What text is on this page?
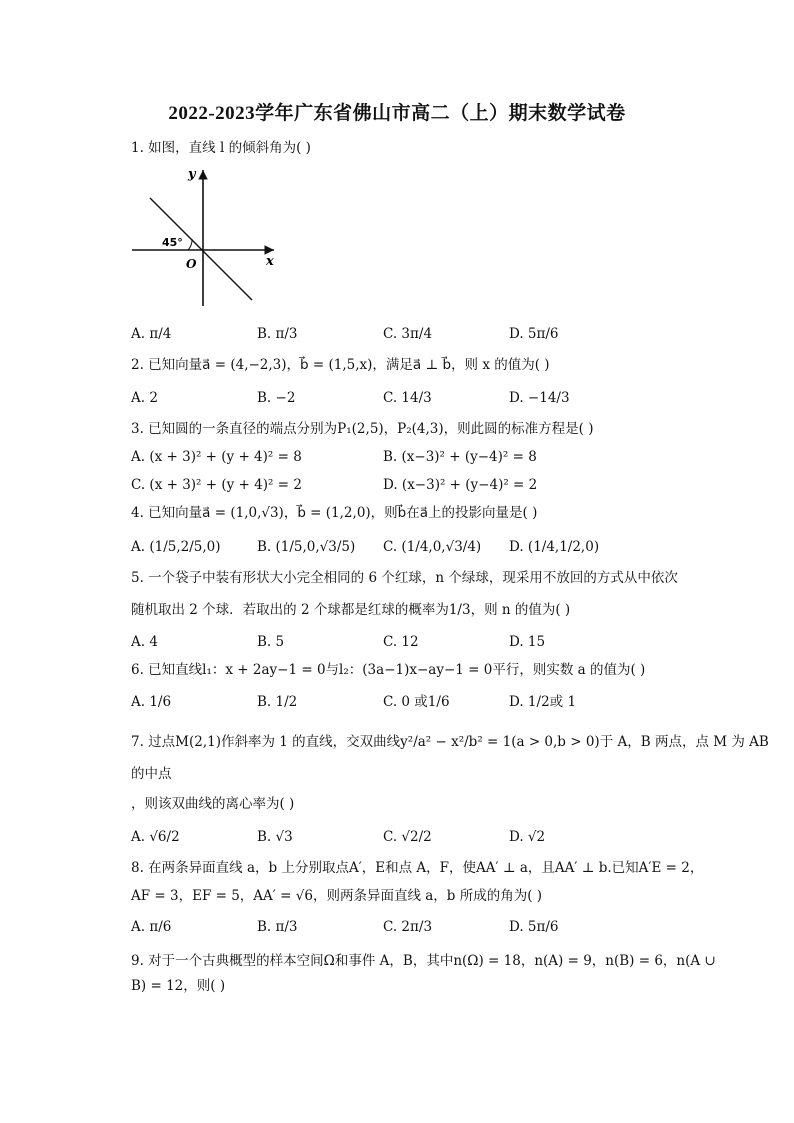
2022-2023学年广东省佛山市高二（上）期末数学试卷
1. 如图，直线 l 的倾斜角为( )
y
x
O
45°
A. π/4	B. π/3	C. 3π/4	D. 5π/6
2. 已知向量a⃗ = (4,−2,3)，b⃗ = (1,5,x)，满足a⃗ ⊥ b⃗，则 x 的值为( )
A. 2	B. −2	C. 14/3	D. −14/3
3. 已知圆的一条直径的端点分别为P₁(2,5)，P₂(4,3)，则此圆的标准方程是( )
A. (x + 3)² + (y + 4)² = 8	B. (x−3)² + (y−4)² = 8
C. (x + 3)² + (y + 4)² = 2	D. (x−3)² + (y−4)² = 2
4. 已知向量a⃗ = (1,0,√3)，b⃗ = (1,2,0)，则b⃗在a⃗上的投影向量是( )
A. (1/5,2/5,0)	B. (1/5,0,√3/5) C. (1/4,0,√3/4) D. (1/4,1/2,0)
5. 一个袋子中装有形状大小完全相同的 6 个红球，n 个绿球，现采用不放回的方式从中依次
随机取出 2 个球．若取出的 2 个球都是红球的概率为1/3，则 n 的值为( )
A. 4	B. 5	C. 12	D. 15
6. 已知直线l₁：x + 2ay−1 = 0与l₂：(3a−1)x−ay−1 = 0平行，则实数 a 的值为( )
A. 1/6	B. 1/2	C. 0 或1/6	D. 1/2或 1
7. 过点M(2,1)作斜率为 1 的直线，交双曲线y²/a² − x²/b² = 1(a > 0,b > 0)于 A，B 两点，点 M 为 AB
的中点
，则该双曲线的离心率为( )
A. √6/2	B. √3	C. √2/2	D. √2
8. 在两条异面直线 a，b 上分别取点A′，E和点 A，F，使AA′ ⊥ a，且AA′ ⊥ b.已知A′E = 2，
AF = 3，EF = 5，AA′ = √6，则两条异面直线 a，b 所成的角为( )
A. π/6	B. π/3	C. 2π/3	D. 5π/6
9. 对于一个古典概型的样本空间Ω和事件 A，B，其中n(Ω) = 18，n(A) = 9，n(B) = 6，n(A ∪
B) = 12，则( )
